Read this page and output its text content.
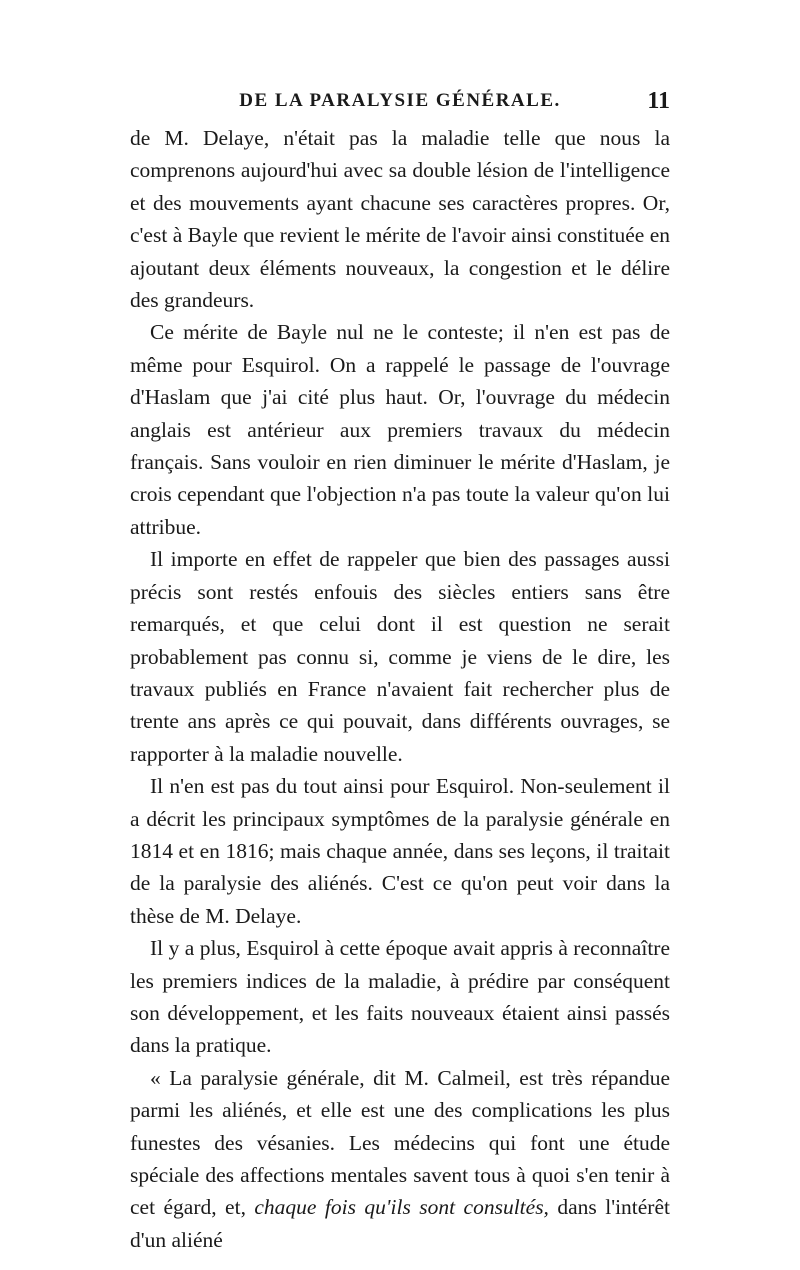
DE LA PARALYSIE GÉNÉRALE.	11

de M. Delaye, n'était pas la maladie telle que nous la comprenons aujourd'hui avec sa double lésion de l'intelligence et des mouvements ayant chacune ses caractères propres. Or, c'est à Bayle que revient le mérite de l'avoir ainsi constituée en ajoutant deux éléments nouveaux, la congestion et le délire des grandeurs.

Ce mérite de Bayle nul ne le conteste; il n'en est pas de même pour Esquirol. On a rappelé le passage de l'ouvrage d'Haslam que j'ai cité plus haut. Or, l'ouvrage du médecin anglais est antérieur aux premiers travaux du médecin français. Sans vouloir en rien diminuer le mérite d'Haslam, je crois cependant que l'objection n'a pas toute la valeur qu'on lui attribue.

Il importe en effet de rappeler que bien des passages aussi précis sont restés enfouis des siècles entiers sans être remarqués, et que celui dont il est question ne serait probablement pas connu si, comme je viens de le dire, les travaux publiés en France n'avaient fait rechercher plus de trente ans après ce qui pouvait, dans différents ouvrages, se rapporter à la maladie nouvelle.

Il n'en est pas du tout ainsi pour Esquirol. Non-seulement il a décrit les principaux symptômes de la paralysie générale en 1814 et en 1816; mais chaque année, dans ses leçons, il traitait de la paralysie des aliénés. C'est ce qu'on peut voir dans la thèse de M. Delaye.

Il y a plus, Esquirol à cette époque avait appris à reconnaître les premiers indices de la maladie, à prédire par conséquent son développement, et les faits nouveaux étaient ainsi passés dans la pratique.

« La paralysie générale, dit M. Calmeil, est très répandue parmi les aliénés, et elle est une des complications les plus funestes des vésanies. Les médecins qui font une étude spéciale des affections mentales savent tous à quoi s'en tenir à cet égard, et, chaque fois qu'ils sont consultés, dans l'intérêt d'un aliéné
